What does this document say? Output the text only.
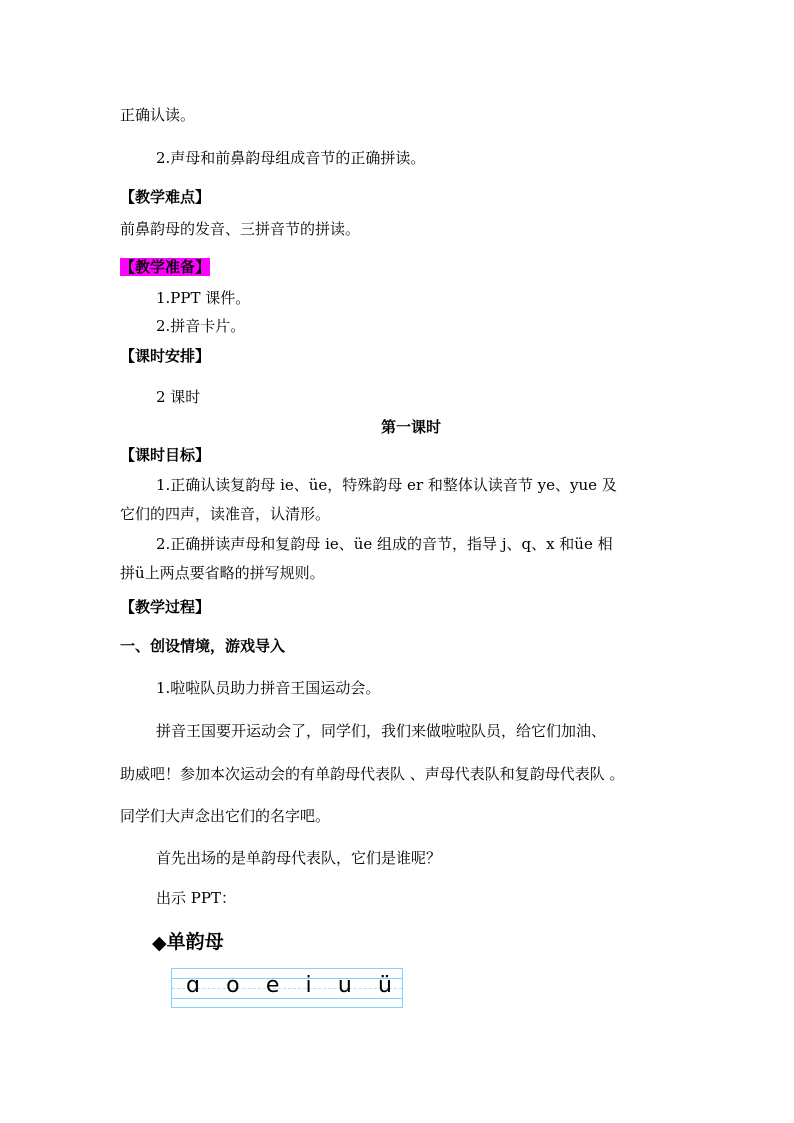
正确认读。
2.声母和前鼻韵母组成音节的正确拼读。
【教学难点】
前鼻韵母的发音、三拼音节的拼读。
【教学准备】
1.PPT 课件。
2.拼音卡片。
【课时安排】
2 课时
第一课时
【课时目标】
1.正确认读复韵母 ie、üe，特殊韵母 er 和整体认读音节 ye、yue 及
它们的四声，读准音，认清形。
2.正确拼读声母和复韵母 ie、üe 组成的音节，指导 j、q、x 和üe 相
拼ü上两点要省略的拼写规则。
【教学过程】
一、创设情境，游戏导入
1.啦啦队员助力拼音王国运动会。
拼音王国要开运动会了，同学们，我们来做啦啦队员，给它们加油、
助威吧！参加本次运动会的有单韵母代表队 、声母代表队和复韵母代表队 。
同学们大声念出它们的名字吧。
首先出场的是单韵母代表队，它们是谁呢？
出示 PPT：
◆单韵母
ɑ o e i u ü
